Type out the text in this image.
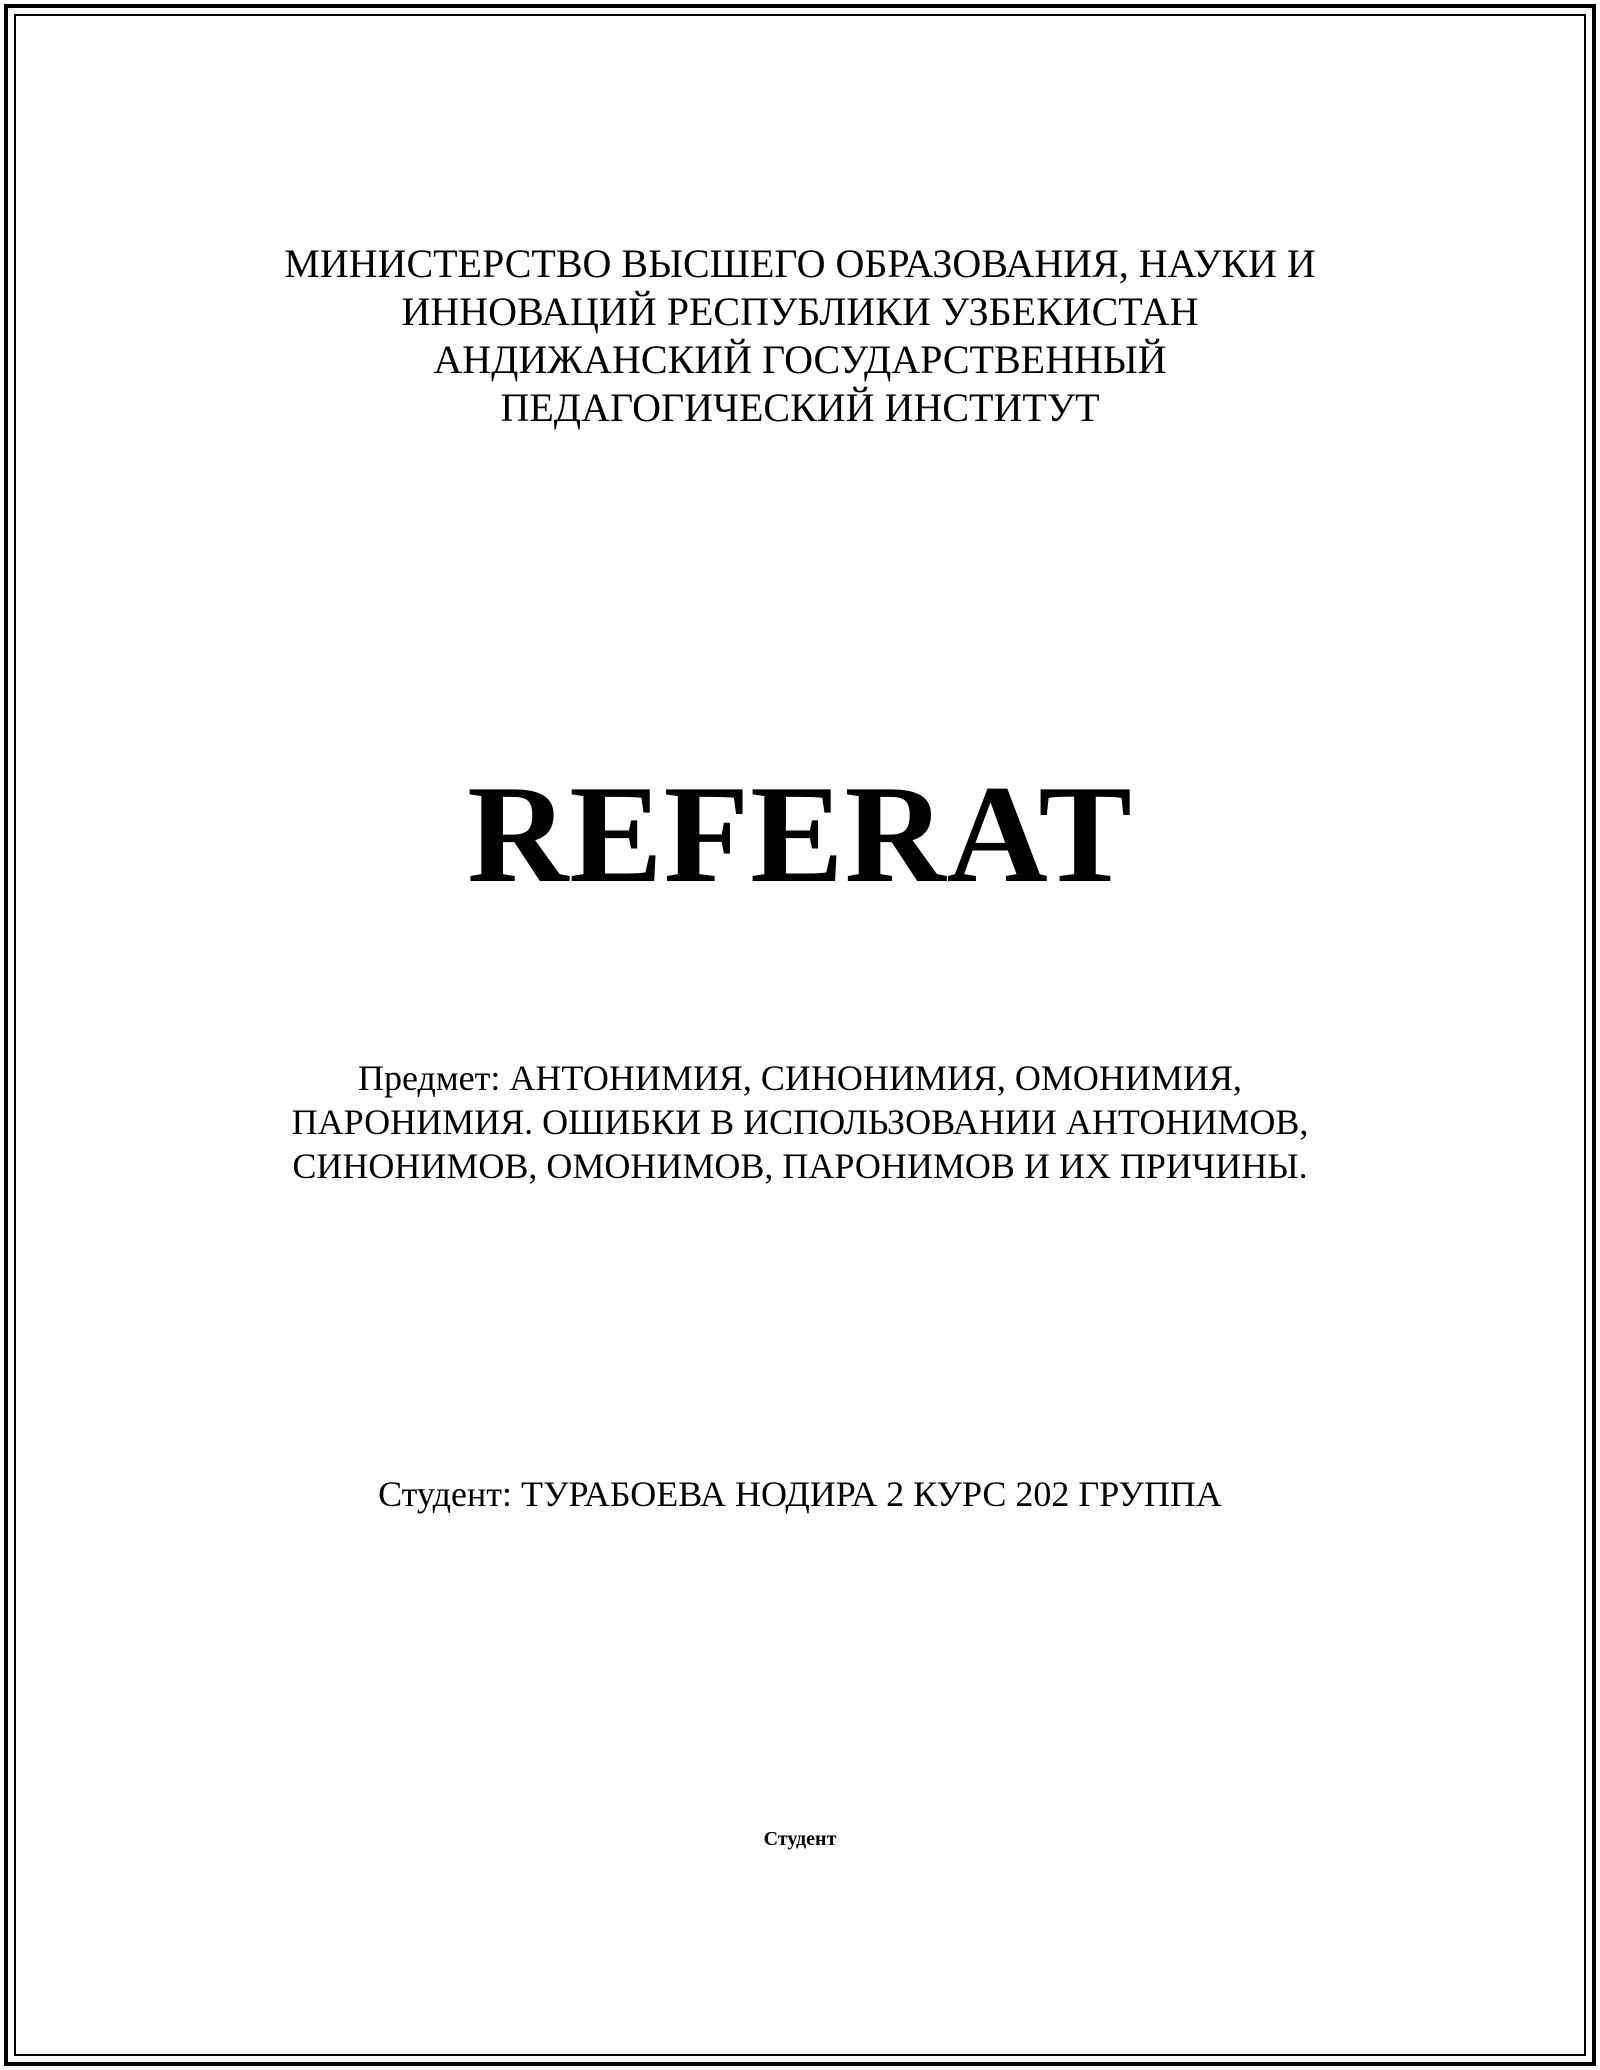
МИНИСТЕРСТВО ВЫСШЕГО ОБРАЗОВАНИЯ, НАУКИ И
ИННОВАЦИЙ РЕСПУБЛИКИ УЗБЕКИСТАН
АНДИЖАНСКИЙ ГОСУДАРСТВЕННЫЙ
ПЕДАГОГИЧЕСКИЙ ИНСТИТУТ
REFERAT
Предмет: АНТОНИМИЯ, СИНОНИМИЯ, ОМОНИМИЯ,
ПАРОНИМИЯ. ОШИБКИ В ИСПОЛЬЗОВАНИИ АНТОНИМОВ,
СИНОНИМОВ, ОМОНИМОВ, ПАРОНИМОВ И ИХ ПРИЧИНЫ.
Студент: ТУРАБОЕВА НОДИРА 2 КУРС 202 ГРУППА
Студент
